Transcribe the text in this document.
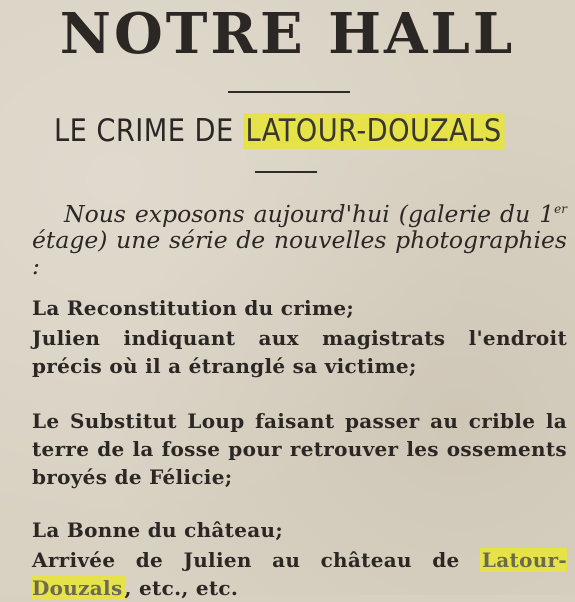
NOTRE HALL
LE CRIME DE LATOUR-DOUZALS
Nous exposons aujourd'hui (galerie du 1er étage) une série de nouvelles photographies :
La Reconstitution du crime;
Julien indiquant aux magistrats l'endroit précis où il a étranglé sa victime;
Le Substitut Loup faisant passer au crible la terre de la fosse pour retrouver les ossements broyés de Félicie;
La Bonne du château;
Arrivée de Julien au château de Latour-Douzals , etc., etc.
